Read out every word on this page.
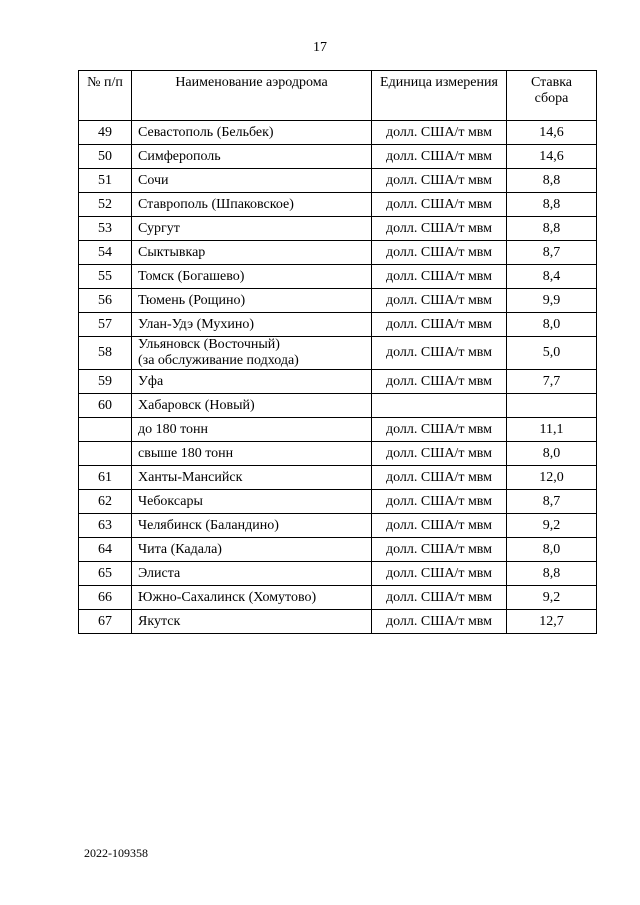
17
№ п/п	Наименование аэродрома	Единица измерения	Ставка сбора
49	Севастополь (Бельбек)	долл. США/т мвм	14,6
50	Симферополь	долл. США/т мвм	14,6
51	Сочи	долл. США/т мвм	8,8
52	Ставрополь (Шпаковское)	долл. США/т мвм	8,8
53	Сургут	долл. США/т мвм	8,8
54	Сыктывкар	долл. США/т мвм	8,7
55	Томск (Богашево)	долл. США/т мвм	8,4
56	Тюмень (Рощино)	долл. США/т мвм	9,9
57	Улан-Удэ (Мухино)	долл. США/т мвм	8,0
58	Ульяновск (Восточный)
(за обслуживание подхода)	долл. США/т мвм	5,0
59	Уфа	долл. США/т мвм	7,7
60	Хабаровск (Новый)		

	до 180 тонн	долл. США/т мвм	11,1

	свыше 180 тонн	долл. США/т мвм	8,0
61	Ханты-Мансийск	долл. США/т мвм	12,0
62	Чебоксары	долл. США/т мвм	8,7
63	Челябинск (Баландино)	долл. США/т мвм	9,2
64	Чита (Кадала)	долл. США/т мвм	8,0
65	Элиста	долл. США/т мвм	8,8
66	Южно-Сахалинск (Хомутово)	долл. США/т мвм	9,2
67	Якутск	долл. США/т мвм	12,7
2022-109358
